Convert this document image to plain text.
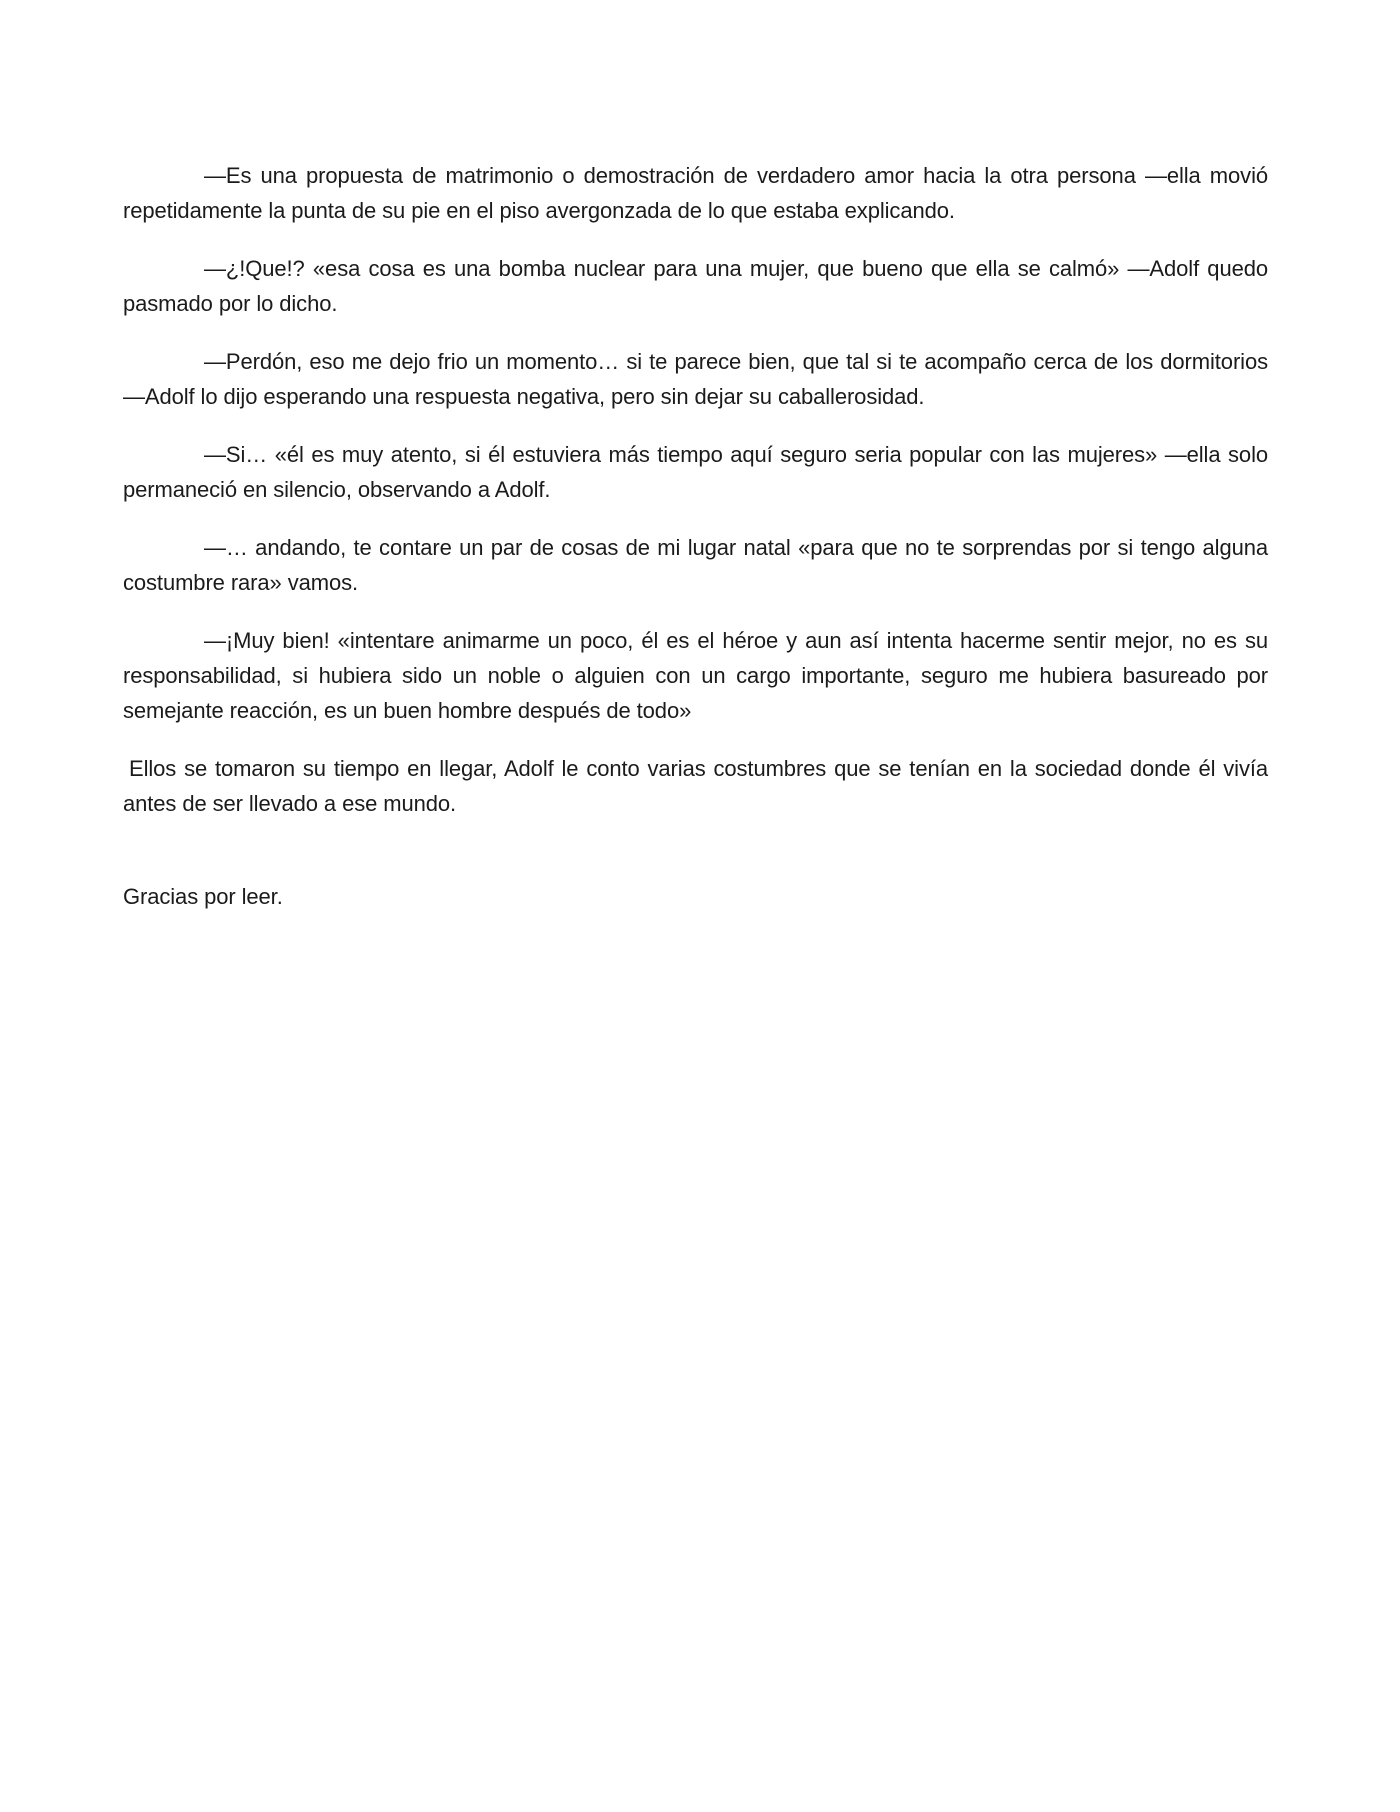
—Es una propuesta de matrimonio o demostración de verdadero amor hacia la otra persona —ella movió repetidamente la punta de su pie en el piso avergonzada de lo que estaba explicando.

—¿!Que!? «esa cosa es una bomba nuclear para una mujer, que bueno que ella se calmó» —Adolf quedo pasmado por lo dicho.

—Perdón, eso me dejo frio un momento… si te parece bien, que tal si te acompaño cerca de los dormitorios —Adolf lo dijo esperando una respuesta negativa, pero sin dejar su caballerosidad.

—Si… «él es muy atento, si él estuviera más tiempo aquí seguro seria popular con las mujeres» —ella solo permaneció en silencio, observando a Adolf.

—… andando, te contare un par de cosas de mi lugar natal «para que no te sorprendas por si tengo alguna costumbre rara» vamos.

—¡Muy bien! «intentare animarme un poco, él es el héroe y aun así intenta hacerme sentir mejor, no es su responsabilidad, si hubiera sido un noble o alguien con un cargo importante, seguro me hubiera basureado por semejante reacción, es un buen hombre después de todo»

Ellos se tomaron su tiempo en llegar, Adolf le conto varias costumbres que se tenían en la sociedad donde él vivía antes de ser llevado a ese mundo.

Gracias por leer.
